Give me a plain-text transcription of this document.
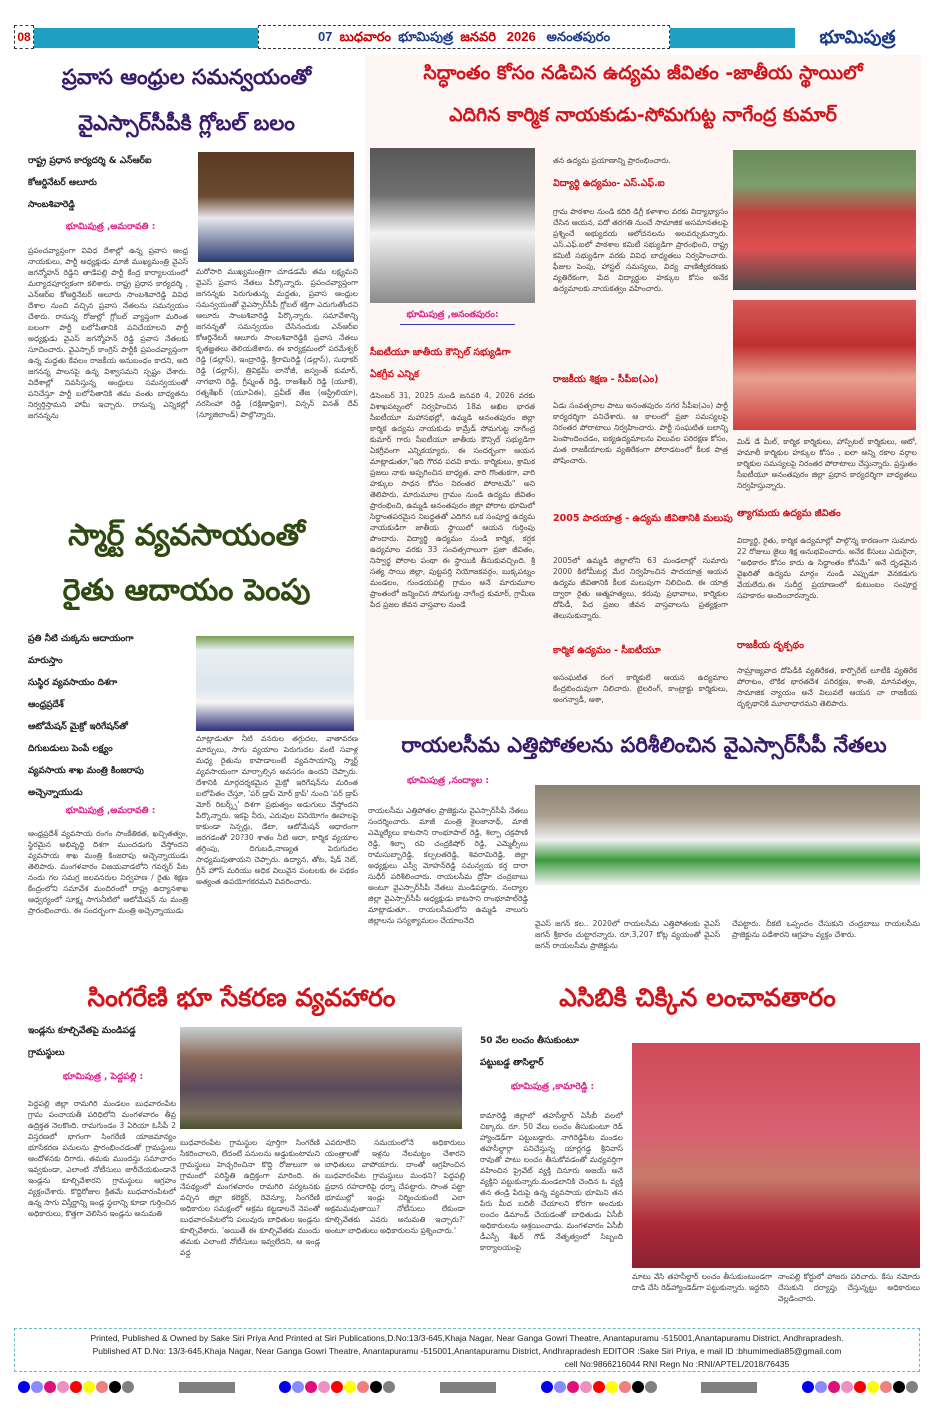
08	07 బుధవారం భూమిపుత్ర జనవరి 2026 అనంతపురం	భూమిపుత్ర
ప్రవాస ఆంధ్రుల సమన్వయంతో
వైఎస్సార్‌సీపీకి గ్లోబల్ బలం
రాష్ట్ర ప్రధాన కార్యదర్శి & ఎన్ఆర్ఐ
కోఆర్డినేటర్ ఆలూరు
సాంబశివారెడ్డి
భూమిపుత్ర ,అమరావతి :
ప్రపంచవ్యాప్తంగా వివిధ దేశాల్లో ఉన్న ప్రవాస ఆంధ్ర నాయకులు, పార్టీ అధ్యక్షుడు మాజీ ముఖ్యమంత్రి వైఎస్ జగన్మోహన్ రెడ్డిని తాడేపల్లి పార్టీ కేంద్ర కార్యాలయంలో మర్యాదపూర్వకంగా కలిశారు. రాష్ట్ర ప్రధాన కార్యదర్శి , ఎన్ఆర్ఐ కోఆర్డినేటర్ ఆలూరు సాంబశివారెడ్డి వివిధ దేశాల నుంచి వచ్చిన ప్రవాస నేతలను సమన్వయం చేశారు. రానున్న రోజుల్లో గ్లోబల్ వ్యాప్తంగా మరింత బలంగా పార్టీ బలోపేతానికి పనిచేయాలని పార్టీ అధ్యక్షుడు వైఎస్ జగన్మోహన్ రెడ్డి ప్రవాస నేతలకు సూచించారు. వైఎస్సార్ కాంగ్రెస్ పార్టీకి ప్రపంచవ్యాప్తంగా ఉన్న మద్దతు కేవలం రాజకీయ అనుబంధం కాదని, అది జగనన్న పాలనపై ఉన్న విశ్వాసమని స్పష్టం చేశారు. విదేశాల్లో నివసిస్తున్న ఆంధ్రులు సమన్వయంతో పనిచేస్తూ పార్టీ బలోపేతానికి తమ వంతు బాధ్యతను నిర్వర్తిస్తామని హామీ ఇచ్చారు. రానున్న ఎన్నికల్లో జగనన్నను
మరోసారి ముఖ్యమంత్రిగా చూడడమే తమ లక్ష్యమని వైఎస్ ప్రవాస నేతలు పేర్కొన్నారు. ప్రపంచవ్యాప్తంగా జగనన్నకు పెరుగుతున్న మద్దతు, ప్రవాస ఆంధ్రుల సమన్వయంతో వైఎస్సార్‌సీపీ గ్లోబల్ శక్తిగా ఎదుగుతోందని ఆలూరు సాంబశివారెడ్డి పేర్కొన్నారు. సమావేశాన్ని జగనన్నతో సమన్వయం చేసినందుకు ఎన్ఆర్ఐ కోఆర్డినేటర్ ఆలూరు సాంబశివారెడ్డికి ప్రవాస నేతలు కృతజ్ఞతలు తెలియజేశారు. ఈ కార్యక్రమంలో పరమేశ్వర్ రెడ్డి (డల్లాస్), ఇంద్రారెడ్డి, శ్రీరామిరెడ్డి (డల్లాస్), సుధాకర్ రెడ్డి (డల్లాస్), త్రివిక్రమ్ బానోజీ, జస్వంత్ కుమార్, నాగభాని రెడ్డి, గ్రీష్మంత్ రెడ్డి, రాజశేఖర్ రెడ్డి (యూకే), రత్నశేఖర్ (యూఏఈ), ప్రవీణ్ తేజ (ఆస్ట్రేలియా), నరసింహా రెడ్డి (దక్షిణాఫ్రికా), విన్సన్ వినత్ దేవ్ (న్యూజిలాండ్) పాల్గొన్నారు.
సిద్ధాంతం కోసం నడిచిన ఉద్యమ జీవితం -జాతీయ స్థాయిలో
ఎదిగిన కార్మిక నాయకుడు-సోమగుట్ట నాగేంద్ర కుమార్
భూమిపుత్ర ,అనంతపురం:
సీఐటీయూ జాతీయ కౌన్సిల్ సభ్యుడిగా ఏకగ్రీవ ఎన్నిక
డిసెంబర్ 31, 2025 నుండి జనవరి 4, 2026 వరకు విశాఖపట్నంలో నిర్వహించిన 18వ అఖిల భారత సీఐటీయూ మహాసభల్లో, ఉమ్మడి అనంతపురం జిల్లా కార్మిక ఉద్యమ నాయకుడు కామ్రేడ్ సోమగుట్ట నాగేంద్ర కుమార్ గారు సీఐటీయూ జాతీయ కౌన్సిల్ సభ్యుడిగా ఏకగ్రీవంగా ఎన్నికయ్యారు. ఈ సందర్భంగా ఆయన మాట్లాడుతూ,"ఇది గౌరవ పదవి కాదు. కార్మికులు, శ్రామిక ప్రజలు నాకు అప్పగించిన బాధ్యత. వారి గొంతుకగా, వారి హక్కుల సాధన కోసం నిరంతర పోరాటమే" అని తెలిపారు. మారుమూల గ్రామం నుండి ఉద్యమ జీవితం ప్రారంభించి, ఉమ్మడి అనంతపురం జిల్లా పోరాట భూమిలో సిద్ధాంతపరమైన నిబద్ధతతో ఎదిగిన ఒక సంపూర్ణ ఉద్యమ నాయకుడిగా జాతీయ స్థాయిలో ఆయన గుర్తింపు పొందారు. విద్యార్థి ఉద్యమం నుండి కార్మిక, కర్షక ఉద్యమాల వరకు 33 సంవత్సరాలుగా ప్రజా జీవితం, నిస్వార్థ పోరాట పంథా ఈ స్థాయికి తీసుకువచ్చింది. శ్రీ సత్య సాయి జిల్లా, పుట్టపర్తి నియోజకవర్గం, బుక్కపట్నం మండలం, గుండయపల్లి గ్రామం అనే మారుమూల ప్రాంతంలో జన్మించిన సోమగుట్ట నాగేంద్ర కుమార్, గ్రామీణ పేద ప్రజల జీవన వాస్తవాల నుండే
తన ఉద్యమ ప్రయాణాన్ని ప్రారంభించారు.
విద్యార్థి ఉద్యమం- ఎస్.ఎఫ్.ఐ
గ్రామ పాఠశాల నుండి కదిరి డిగ్రీ కళాశాల వరకు విద్యాభ్యాసం చేసిన ఆయన, పదో తరగతి నుంచే సామాజిక అసమానతలపై ప్రశ్నించే అభ్యుదయ ఆలోచనలను అలవర్చుకున్నారు. ఎస్.ఎఫ్.ఐలో పాఠశాల కమిటీ సభ్యుడిగా ప్రారంభించి, రాష్ట్ర కమిటీ సభ్యుడిగా వరకు వివిధ బాధ్యతలు నిర్వహించారు. ఫీజుల పెంపు, హాస్టల్ సమస్యలు, విద్య వాణిజ్యీకరణకు వ్యతిరేకంగా, పేద విద్యార్థుల హక్కుల కోసం అనేక ఉద్యమాలకు నాయకత్వం వహించారు.
రాజకీయ శిక్షణ - సీపీఐ(ఎం)
ఏడు సంవత్సరాల పాటు అనంతపురం నగర సీపీఐ(ఎం) పార్టీ కార్యదర్శిగా పనిచేశారు. ఆ కాలంలో ప్రజా సమస్యలపై నిరంతర పోరాటాలు నిర్వహించారు. పార్టీ సంఘటిత బలాన్ని పెంపొందించడం, ఐక్యఉద్యమాలను విలువల పరిరక్షణ కోసం, మత రాజకీయాలకు వ్యతిరేకంగా పోరాడటంలో కీలక పాత్ర పోషించారు.
2005 పాదయాత్ర - ఉద్యమ జీవితానికి మలుపు
2005లో ఉమ్మడి జిల్లాలోని 63 మండలాల్లో సుమారు 2000 కిలోమీటర్ల మేర నిర్వహించిన పాదయాత్ర ఆయన ఉద్యమ జీవితానికి కీలక మలుపుగా నిలిచింది. ఈ యాత్ర ద్వారా రైతు ఆత్మహత్యలు, కరువు ప్రభావాలు, కార్మికుల దోపిడీ, పేద ప్రజల జీవన వాస్తవాలను ప్రత్యక్షంగా తెలుసుకున్నారు.
కార్మిక ఉద్యమం - సీఐటీయూ
అసంఘటిత రంగ కార్మికులే ఆయన ఉద్యమాల కేంద్రబిందువుగా నిలిచారు. టైలరింగ్, కాంట్రాక్టు కార్మికులు, అంగన్వాడీ, ఆశా,
మిడ్ డే మీల్, కార్మిక కార్మికులు, హాస్పిటల్ కార్మికులు, ఆటో, హమాలీ కార్మికుల హక్కుల కోసం , ఐలా అన్ని రకాల వర్గాల కార్మికుల సమస్యలపై నిరంతర పోరాటాలు చేస్తున్నారు. ప్రస్తుతం సీఐటీయూ అనంతపురం జిల్లా ప్రధాన కార్యదర్శిగా బాధ్యతలు నిర్వహిస్తున్నారు.
త్యాగమయ ఉద్యమ జీవితం
విద్యార్థి, రైతు, కార్మిక ఉద్యమాల్లో పాల్గొన్న కారణంగా సుమారు 22 రోజులు జైలు శిక్ష అనుభవించారు. అనేక కేసులు ఎదురైనా, “అధికారం కోసం కాదు ఉ సిద్ధాంతం కోసమే” అనే దృఢమైన వైఖరితో ఉద్యమ మార్గం నుండి ఎప్పుడూ వెనకడుగు వేయలేదు.ఈ సుదీర్ఘ ప్రయాణంలో కుటుంబం సంపూర్ణ సహకారం అందించారన్నారు.
రాజకీయ దృక్పథం
సామ్రాజ్యవాద దోపిడీకి వ్యతిరేకత, కార్పొరేట్ లూటీకి వ్యతిరేక పోరాటం, లౌకిక భారతదేశ పరిరక్షణ, శాంతి, మానవత్వం, సామాజిక న్యాయం అనే విలువలే ఆయన నా రాజకీయ దృక్పథానికి మూలాధారమని తెలిపారు.
స్మార్ట్ వ్యవసాయంతో
రైతు ఆదాయం పెంపు
ప్రతి నీటి చుక్కను ఆదాయంగా
మారుస్తాం
సుస్థిర వ్యవసాయం దిశగా
ఆంధ్రప్రదేశ్
ఆటోమేషన్ మైక్రో ఇరిగేషన్‌తో
దిగుబడులు పెంపే లక్ష్యం
వ్యవసాయ శాఖ మంత్రి కింజరాపు
అచ్చెన్నాయుడు
భూమిపుత్ర ,అమరావతి :
ఆంధ్రప్రదేశ్ వ్యవసాయ రంగం సాంకేతికత, ఖచ్చితత్వం, స్థిరమైన అభివృద్ధి దిశగా ముందడుగు వేస్తోందని వ్యవసాయ శాఖ మంత్రి కింజరాపు అచ్చెన్నాయుడు తెలిపారు. మంగళవారం విజయవాడలోని గవర్నర్ పేట నందు గల సమగ్ర జలవనరుల నిర్వహణ / రైతు శిక్షణ కేంద్రంలోని సమావేశ మందిరంలో రాష్ట్ర ఉద్యానశాఖ ఆధ్వర్యంలో సూక్ష్మ సాగునీటిలో ఆటోమేషన్ ను మంత్రి ప్రారంభించారు. ఈ సందర్భంగా మంత్రి అచ్చెన్నాయుడు
మాట్లాడుతూ నీటి వనరుల తగ్గుదల, వాతావరణ మార్పులు, సాగు వ్యయాల పెరుగుదల వంటి సవాళ్ల మధ్య రైతును కాపాడాలంటే వ్యవసాయాన్ని స్మార్ట్ వ్యవసాయంగా మార్చాల్సిన అవసరం ఉందని చెప్పారు. దేశానికి మార్గదర్శకమైన మైక్రో ఇరిగేషన్‌ను మరింత బలోపేతం చేస్తూ, 'పర్ డ్రాప్ మోర్ క్రాప్' నుంచి 'పర్ డ్రాప్ మోర్ రిటర్న్స్' దిశగా ప్రభుత్వం అడుగులు వేస్తోందని పేర్కొన్నారు. ఇకపై నీరు, ఎరువుల వినియోగం ఊహలపై కాకుండా సెన్సర్లు, డేటా, ఆటోమేషన్ ఆధారంగా జరగడంతో 20?30 శాతం నీటి ఆదా, కార్మిక వ్యయాల తగ్గింపు, దిగుబడి,నాణ్యత పెరుగుదల సాధ్యమవుతాయని చెప్పారు. ఉద్యాన, తోట, షేడ్ నెట్, గ్రీన్ హౌస్ మరియు అధిక విలువైన పంటలకు ఈ పథకం అత్యంత ఉపయోగకరమని వివరించారు.
రాయలసీమ ఎత్తిపోతలను పరిశీలించిన వైఎస్సార్‌సీపీ నేతలు
భూమిపుత్ర ,నంద్యాల :
రాయలసీమ ఎత్తిపోతల ప్రాజెక్టును వైఎస్సార్‌సీపీ నేతలు సందర్శించారు. మాజీ మంత్రి శైలజానాథ్, మాజీ ఎమ్మెల్యేలు కాటసాని రాంభూపాల్ రెడ్డి, శిల్పా చక్రపాణి రెడ్డి, శిల్పా రవి చంద్రకిషోర్ రెడ్డి, ఎమ్మెల్సీలు రామసుబ్బారెడ్డి, కల్పలతరెడ్డి, శివరామిరెడ్డి, జిల్లా అధ్యక్షులు ఎస్వీ మోహన్‌రెడ్డి సమన్వయ కర్త దారా సుధీర్ పరిశీలించారు. రాయలసీమ ద్రోహి చంద్రబాబు అంటూ వైఎస్సార్‌సీపీ నేతలు మండిపడ్డారు. నంద్యాల జిల్లా వైఎస్సార్‌సీపీ అధ్యక్షుడు కాటసాని రాంభూపాల్‌రెడ్డి మాట్లాడుతూ.. రాయలసీమలోని ఉమ్మడి నాలుగు జిల్లాలను సస్యశ్యామలం చేయాలనేది	వైఎస్ జగన్ కల.. 2020లో రాయలసీమ ఎత్తిపోతలకు వైఎస్ జగన్ శ్రీకారం చుట్టారన్నారు. రూ.3,207 కోట్ల వ్యయంతో వైఎస్ జగన్ రాయలసీమ ప్రాజెక్టును
చేపట్టారు. చీకటి ఒప్పందం చేసుకుని చంద్రబాబు రాయలసీమ ప్రాజెక్టును పడేశారని ఆగ్రహం వ్యక్తం చేశారు.
సింగరేణి భూ సేకరణ వ్యవహారం
ఇండ్లను కూల్చివేతపై మండిపడ్డ
గ్రామస్థులు
భూమిపుత్ర , పెద్దపల్లి :
పెద్దపల్లి జిల్లా రామగిరి మండలం బుధవారంపేట గ్రామ పంచాయతీ పరిధిలోని మంగళవారం తీవ్ర ఉద్రిక్తత నెలకొంది. రామగుండం 3 ఏరియా ఓసీపీ 2 విస్తరణలో భాగంగా సింగరేణి యాజమాన్యం భూసేకరణ పనులను ప్రారంభించడంతో గ్రామస్థులు ఆందోళనకు దిగారు. తమకు ముందస్తు సమాచారం ఇవ్వకుండా, ఎలాంటి నోటీసులు జారీచేయకుండానే ఇండ్లను కూల్చివేశారని గ్రామస్థులు ఆగ్రహం వ్యక్తంచేశారు. కొద్దిరోజుల క్రితమే బుధవారంపేటలో ఉన్న సాగు విస్తీర్ణాన్ని ఇండ్ల స్థలాన్ని కూడా గుర్తించిన అధికారులు, కొత్తగా వెలిసిన ఇండ్లను అనుమతి
బుధవారంపేట గ్రామస్థుల పూర్తిగా సింగరేణి సేకరించాలని, లేదంటే పనులను అడ్డుకుంటామని గ్రామస్థులు హెచ్చరించినా కొద్ది రోజులుగా ఆ గ్రామంలో పరిస్థితి ఉద్రిక్తంగా మారింది. ఈ నేపథ్యంలో మంగళవారం రామగిరి పర్యటనకు వచ్చిన జిల్లా కలెక్టర్, రెవెన్యూ, సింగరేణి అధికారుల సమక్షంలో అక్రమ కట్టడాలనే నెపంతో బుధవారంపేటలోని పలువురు బాధితుల ఇండ్లను కూల్చివేశారు. 'అయితే ఈ కూల్చివేతకు ముందు తమకు ఎలాంటి నోటీసులు ఇవ్వలేదని, ఆ ఇండ్ల వద్ద
ఎవరూలేని సమయంలోనే అధికారులు యంత్రాలతో ఇళ్లను నేలమట్టం చేశారని బాధితులు వాపోయారు. దాంతో ఆగ్రహించిన బుధవారంపేట గ్రామస్థులు మంథని? పెద్దపల్లి ప్రధాన రహదారిపై ధర్నా చేపట్టారు. సొంత పట్టా భూముల్లో ఇండ్లు నిర్మించుకుంటే ఎలా అక్రమమవుతాయి? నోటీసులు లేకుండా కూల్చివేతకు ఎవరు అనుమతి ఇచ్చారు?' అంటూ బాధితులు అధికారులను ప్రశ్నించారు.'
ఎసిబికి చిక్కిన లంచావతారం
50 వేల లంచం తీసుకుంటూ
పట్టుబడ్డ తాసిల్దార్
భూమిపుత్ర ,కామారెడ్డి :
కామారెడ్డి జిల్లాలో తహసీల్దార్ ఏసీబీ వలలో చిక్కారు. రూ. 50 వేలు లంచం తీసుకుంటూ రెడ్ హ్యాండెడ్‌గా పట్టుబడ్డారు. నాగిరెడ్డిపేట మండల తహసీల్దార్గా పనిచేస్తున్న యార్లగడ్డ శ్రీనివాస్ రావుతో పాటు లంచం తీసుకోవడంతో మధ్యవర్తిగా వహించిన ప్రైవేట్ వ్యక్తి చినూరు అజయ్ అనే వ్యక్తిని పట్టుకున్నారు.మండలానికి చెందిన ఓ వ్యక్తి తన తండ్రి పేరుపై ఉన్న వ్యవసాయ భూమిని తన పేరు మీద బదిలీ చేయాలని కోరగా అందుకు లంచం డిమాండ్ చేయడంతో బాధితుడు ఏసీబీ అధికారులను ఆశ్రయించాడు. మంగళవారం ఏసీబీ డీఎస్పీ శేఖర్ గౌడ్ నేతృత్వంలో సిబ్బంది కార్యాలయంపై
మాటు వేసి తహసీల్దార్ లంచం తీసుకుంటుండగా దాడి చేసి రెడ్‌హ్యాండెడ్‌గా పట్టుకున్నారు. ఇద్దరిని
నాంపల్లి కోర్టులో హాజరు పరిచారు. కేసు నమోదు చేసుకుని దర్యాప్తు చేస్తున్నట్టు అధికారులు వెల్లడించారు.
Printed, Published & Owned by Sake Siri Priya And Printed at Siri Publications,D.No:13/3-645,Khaja Nagar, Near Ganga Gowri Theatre, Anantapuramu -515001,Anantapuramu District, Andhrapradesh.
Published AT D.No: 13/3-645,Khaja Nagar, Near Ganga Gowri Theatre, Anantapuramu -515001,Anantapuramu District, Andhrapradesh EDITOR :Sake Siri Priya, e mail ID :bhumimedia85@gmail.com
cell No:9866216044 RNI Regn No :RNI/APTEL/2018/76435
